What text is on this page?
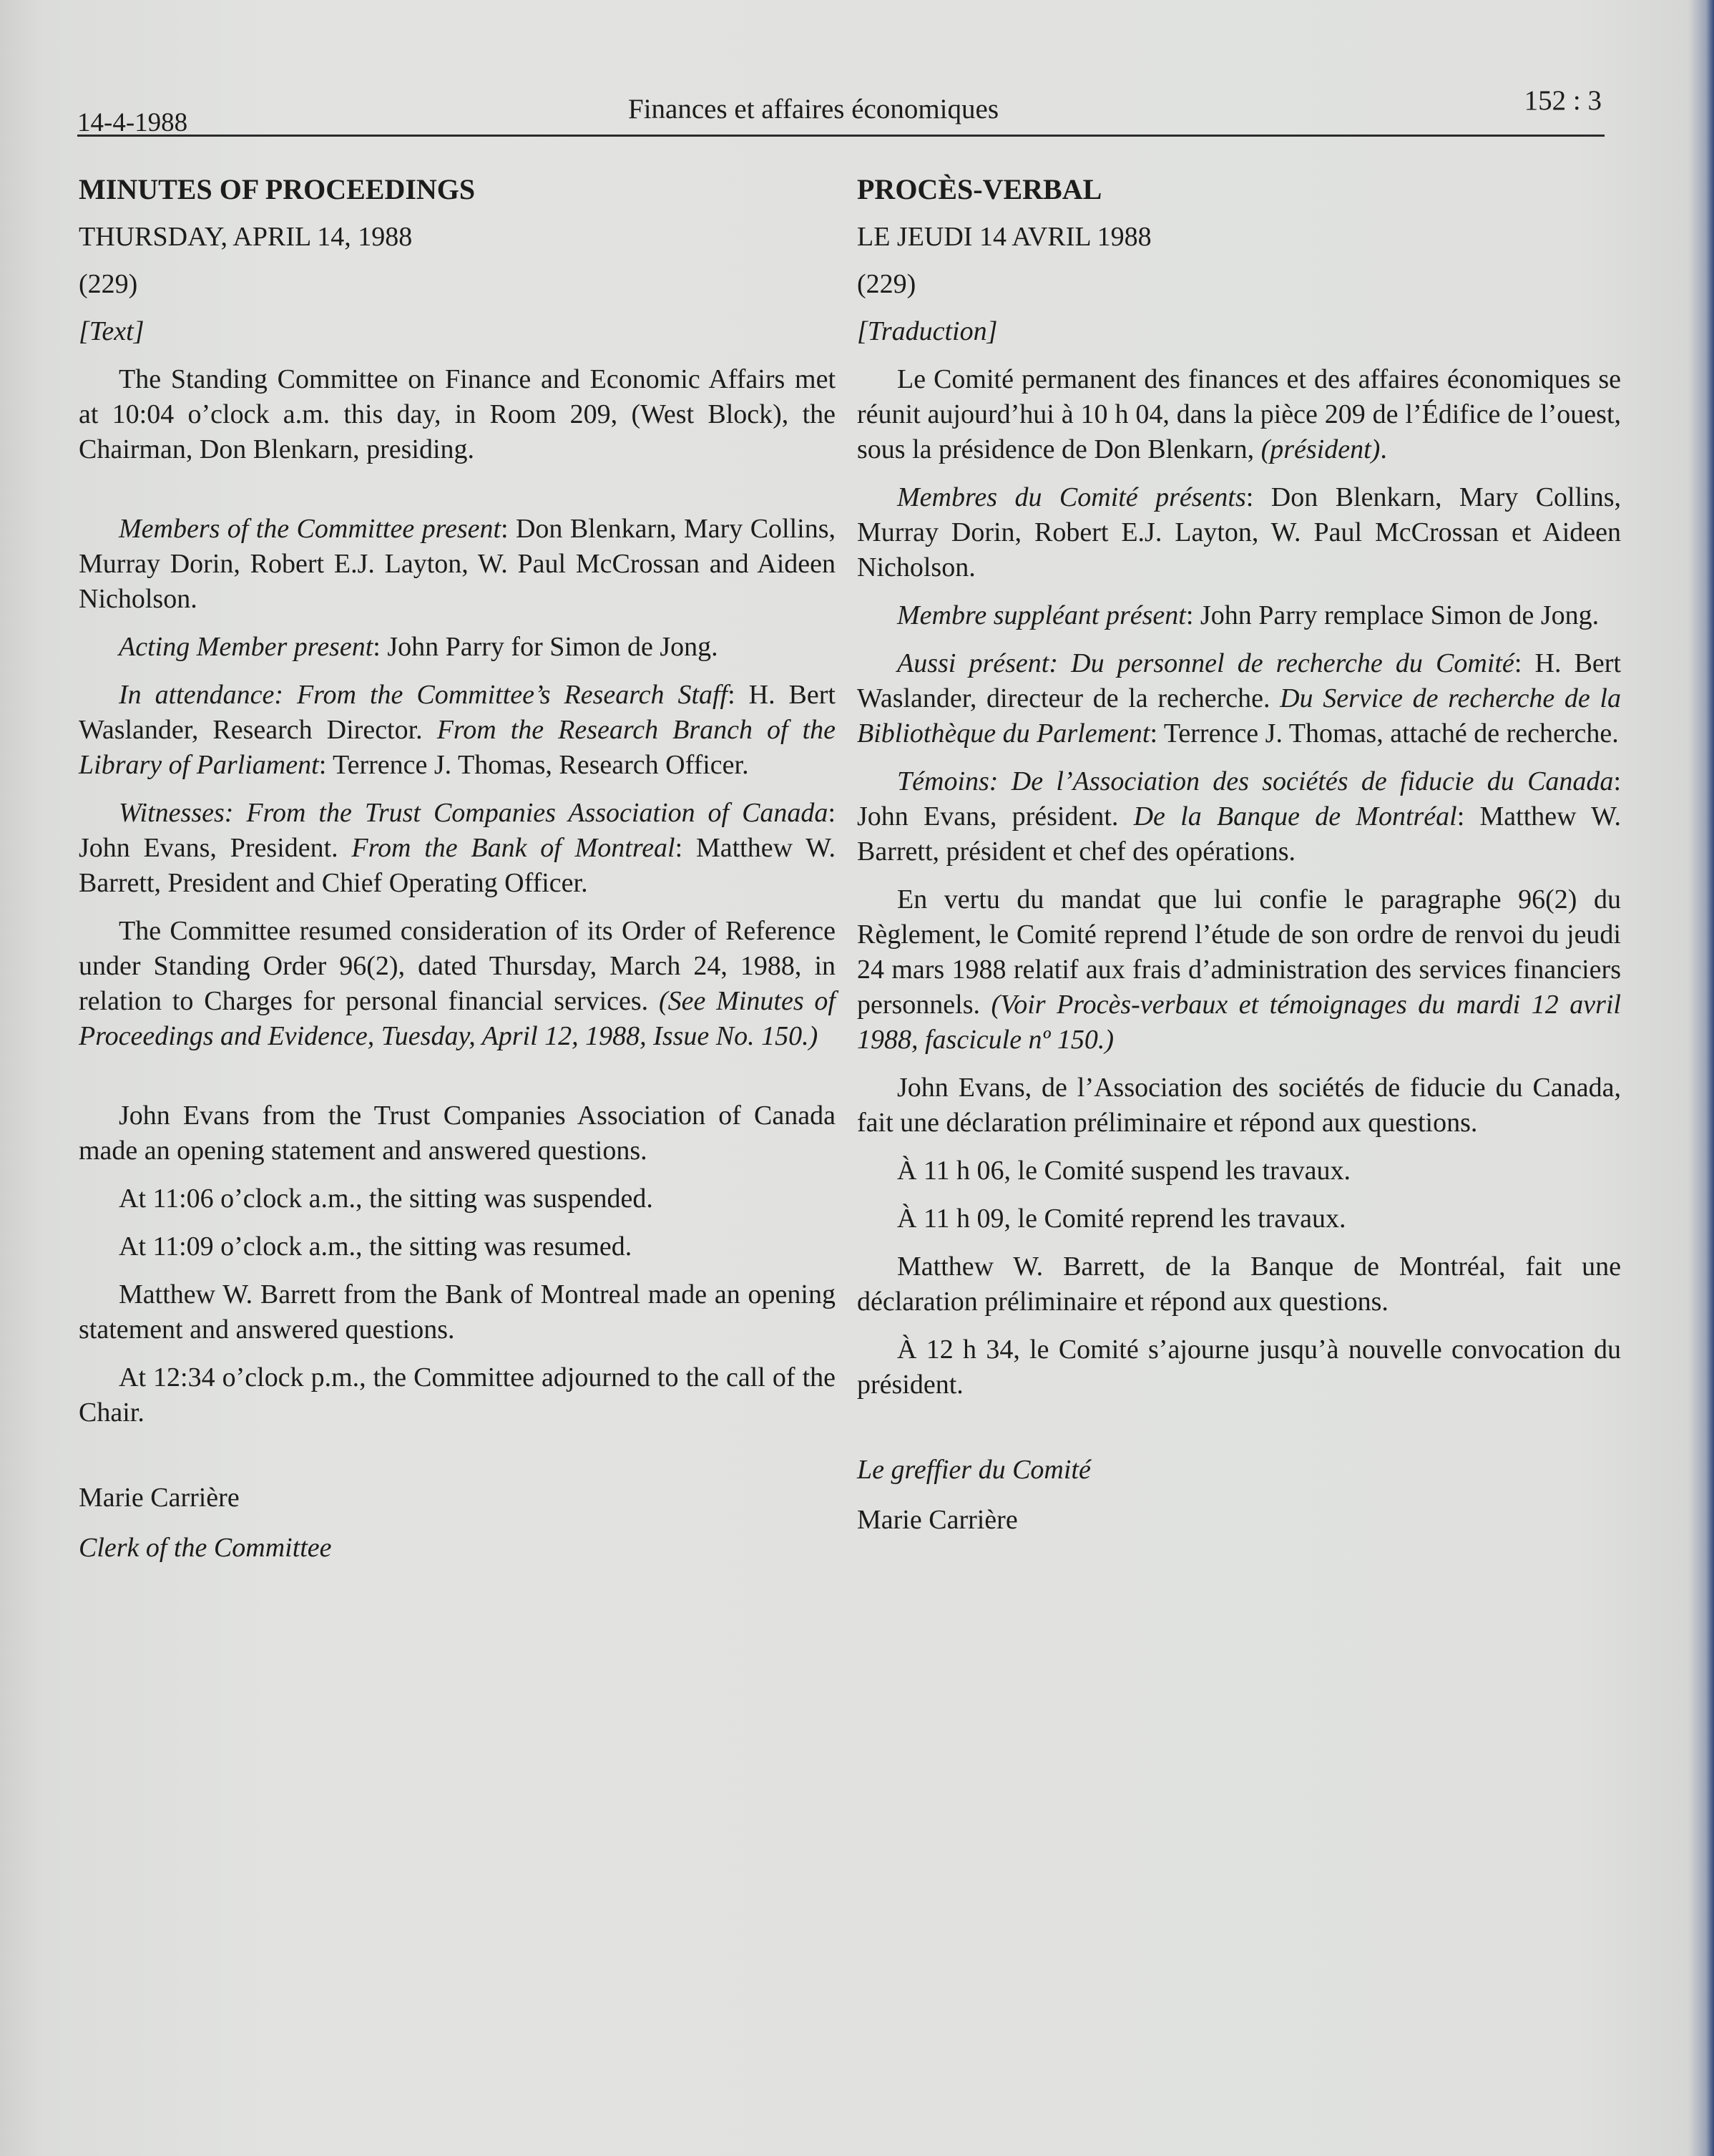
14-4-1988	Finances et affaires économiques	152 : 3

MINUTES OF PROCEEDINGS

THURSDAY, APRIL 14, 1988

(229)

[Text]

The Standing Committee on Finance and Economic Affairs met at 10:04 o’clock a.m. this day, in Room 209, (West Block), the Chairman, Don Blenkarn, presiding.

Members of the Committee present: Don Blenkarn, Mary Collins, Murray Dorin, Robert E.J. Layton, W. Paul McCrossan and Aideen Nicholson.

Acting Member present: John Parry for Simon de Jong.

In attendance: From the Committee’s Research Staff: H. Bert Waslander, Research Director. From the Research Branch of the Library of Parliament: Terrence J. Thomas, Research Officer.

Witnesses: From the Trust Companies Association of Canada: John Evans, President. From the Bank of Montreal: Matthew W. Barrett, President and Chief Operating Officer.

The Committee resumed consideration of its Order of Reference under Standing Order 96(2), dated Thursday, March 24, 1988, in relation to Charges for personal financial services. (See Minutes of Proceedings and Evidence, Tuesday, April 12, 1988, Issue No. 150.)

John Evans from the Trust Companies Association of Canada made an opening statement and answered questions.

At 11:06 o’clock a.m., the sitting was suspended.

At 11:09 o’clock a.m., the sitting was resumed.

Matthew W. Barrett from the Bank of Montreal made an opening statement and answered questions.

At 12:34 o’clock p.m., the Committee adjourned to the call of the Chair.

Marie Carrière

Clerk of the Committee

PROCÈS-VERBAL

LE JEUDI 14 AVRIL 1988

(229)

[Traduction]

Le Comité permanent des finances et des affaires économiques se réunit aujourd’hui à 10 h 04, dans la pièce 209 de l’Édifice de l’ouest, sous la présidence de Don Blenkarn, (président).

Membres du Comité présents: Don Blenkarn, Mary Collins, Murray Dorin, Robert E.J. Layton, W. Paul McCrossan et Aideen Nicholson.

Membre suppléant présent: John Parry remplace Simon de Jong.

Aussi présent: Du personnel de recherche du Comité: H. Bert Waslander, directeur de la recherche. Du Service de recherche de la Bibliothèque du Parlement: Terrence J. Thomas, attaché de recherche.

Témoins: De l’Association des sociétés de fiducie du Canada: John Evans, président. De la Banque de Montréal: Matthew W. Barrett, président et chef des opérations.

En vertu du mandat que lui confie le paragraphe 96(2) du Règlement, le Comité reprend l’étude de son ordre de renvoi du jeudi 24 mars 1988 relatif aux frais d’administration des services financiers personnels. (Voir Procès-verbaux et témoignages du mardi 12 avril 1988, fascicule nº 150.)

John Evans, de l’Association des sociétés de fiducie du Canada, fait une déclaration préliminaire et répond aux questions.

À 11 h 06, le Comité suspend les travaux.

À 11 h 09, le Comité reprend les travaux.

Matthew W. Barrett, de la Banque de Montréal, fait une déclaration préliminaire et répond aux questions.

À 12 h 34, le Comité s’ajourne jusqu’à nouvelle convocation du président.

Le greffier du Comité

Marie Carrière
